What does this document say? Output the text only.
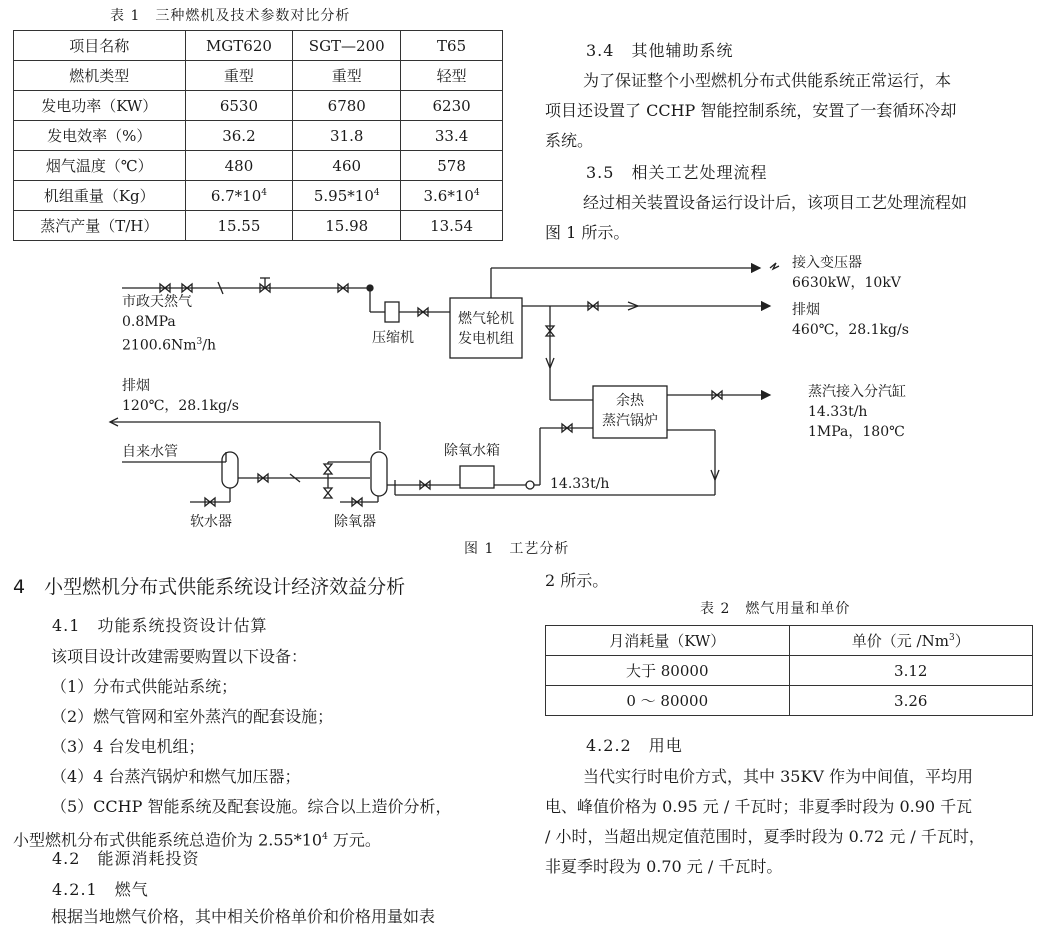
表 1　三种燃机及技术参数对比分析
项目名称	MGT620	SGT—200	T65
燃机类型	重型	重型	轻型
发电功率（KW）	6530	6780	6230
发电效率（%）	36.2	31.8	33.4
烟气温度（℃）	480	460	578
机组重量（Kg）	$6.7*10^4$	$5.95*10^4$	$3.6*10^4$
蒸汽产量（T/H）	15.55	15.98	13.54
3.4　其他辅助系统
为了保证整个小型燃机分布式供能系统正常运行，本
项目还设置了 CCHP 智能控制系统，安置了一套循环冷却
系统。
3.5　相关工艺处理流程
经过相关装置设备运行设计后，该项目工艺处理流程如
图 1 所示。
市政天然气
0.8MPa
2100.6Nm$^3$/h	压缩机
燃气轮机
发电机组
接入变压器
6630kW，10kV
排烟
460℃，28.1kg/s
余热
蒸汽锅炉
蒸汽接入分汽缸
14.33t/h
1MPa，180℃
排烟
120℃，28.1kg/s
自来水管	除氧水箱
14.33t/h
软水器	除氧器
图 1　工艺分析
4　小型燃机分布式供能系统设计经济效益分析
4.1　功能系统投资设计估算
该项目设计改建需要购置以下设备：
（1）分布式供能站系统；
（2）燃气管网和室外蒸汽的配套设施；
（3）4 台发电机组；
（4）4 台蒸汽锅炉和燃气加压器；
（5）CCHP 智能系统及配套设施。综合以上造价分析，
小型燃机分布式供能系统总造价为 $2.55*10^4$ 万元。
4.2　能源消耗投资
4.2.1　燃气
根据当地燃气价格，其中相关价格单价和价格用量如表
2 所示。
表 2　燃气用量和单价
月消耗量（KW）	单价（元 /Nm$^3$）
大于 80000	3.12
0 ～ 80000	3.26
4.2.2　用电
当代实行时电价方式，其中 35KV 作为中间值，平均用
电、峰值价格为 0.95 元 / 千瓦时；非夏季时段为 0.90 千瓦
/ 小时，当超出规定值范围时，夏季时段为 0.72 元 / 千瓦时，
非夏季时段为 0.70 元 / 千瓦时。
